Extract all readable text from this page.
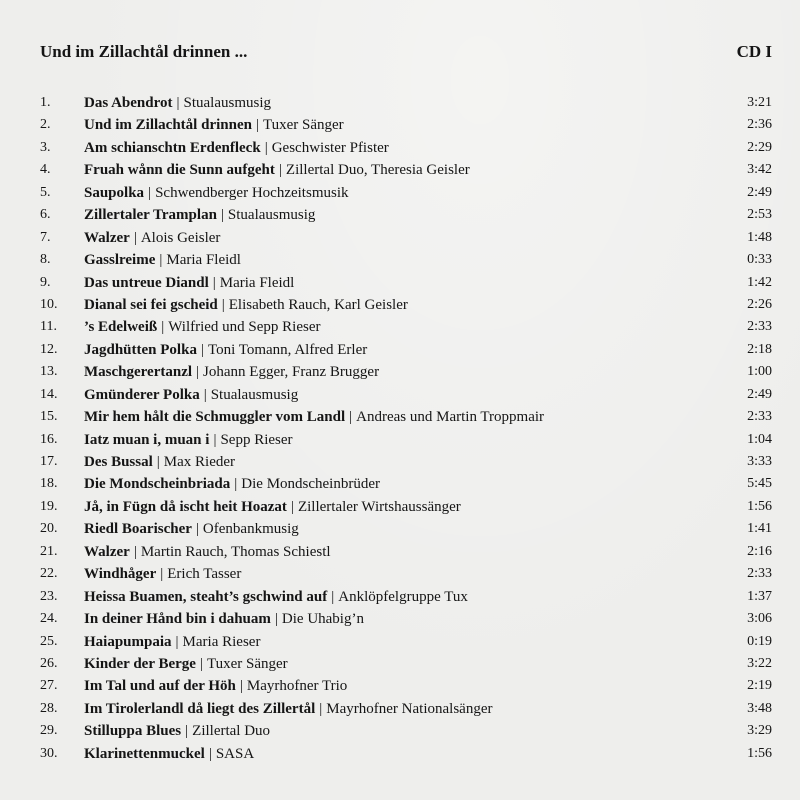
Und im Zillachtål drinnen ...	CD I
1.	Das Abendrot | Stualausmusig	3:21
2.	Und im Zillachtål drinnen | Tuxer Sänger	2:36
3.	Am schianschtn Erdenfleck | Geschwister Pfister	2:29
4.	Fruah wånn die Sunn aufgeht | Zillertal Duo, Theresia Geisler	3:42
5.	Saupolka | Schwendberger Hochzeitsmusik	2:49
6.	Zillertaler Tramplan | Stualausmusig	2:53
7.	Walzer | Alois Geisler	1:48
8.	Gasslreime | Maria Fleidl	0:33
9.	Das untreue Diandl | Maria Fleidl	1:42
10.	Dianal sei fei gscheid | Elisabeth Rauch, Karl Geisler	2:26
11.	’s Edelweiß | Wilfried und Sepp Rieser	2:33
12.	Jagdhütten Polka | Toni Tomann, Alfred Erler	2:18
13.	Maschgerertanzl | Johann Egger, Franz Brugger	1:00
14.	Gmünderer Polka | Stualausmusig	2:49
15.	Mir hem hålt die Schmuggler vom Landl | Andreas und Martin Troppmair	2:33
16.	Iatz muan i, muan i | Sepp Rieser	1:04
17.	Des Bussal | Max Rieder	3:33
18.	Die Mondscheinbriada | Die Mondscheinbrüder	5:45
19.	Jå, in Fügn då ischt heit Hoazat | Zillertaler Wirtshaussänger	1:56
20.	Riedl Boarischer | Ofenbankmusig	1:41
21.	Walzer | Martin Rauch, Thomas Schiestl	2:16
22.	Windhåger | Erich Tasser	2:33
23.	Heissa Buamen, steaht’s gschwind auf | Anklöpfelgruppe Tux	1:37
24.	In deiner Hånd bin i dahuam | Die Uhabig’n	3:06
25.	Haiapumpaia | Maria Rieser	0:19
26.	Kinder der Berge | Tuxer Sänger	3:22
27.	Im Tal und auf der Höh | Mayrhofner Trio	2:19
28.	Im Tirolerlandl då liegt des Zillertål | Mayrhofner Nationalsänger	3:48
29.	Stilluppa Blues | Zillertal Duo	3:29
30.	Klarinettenmuckel | SASA	1:56
